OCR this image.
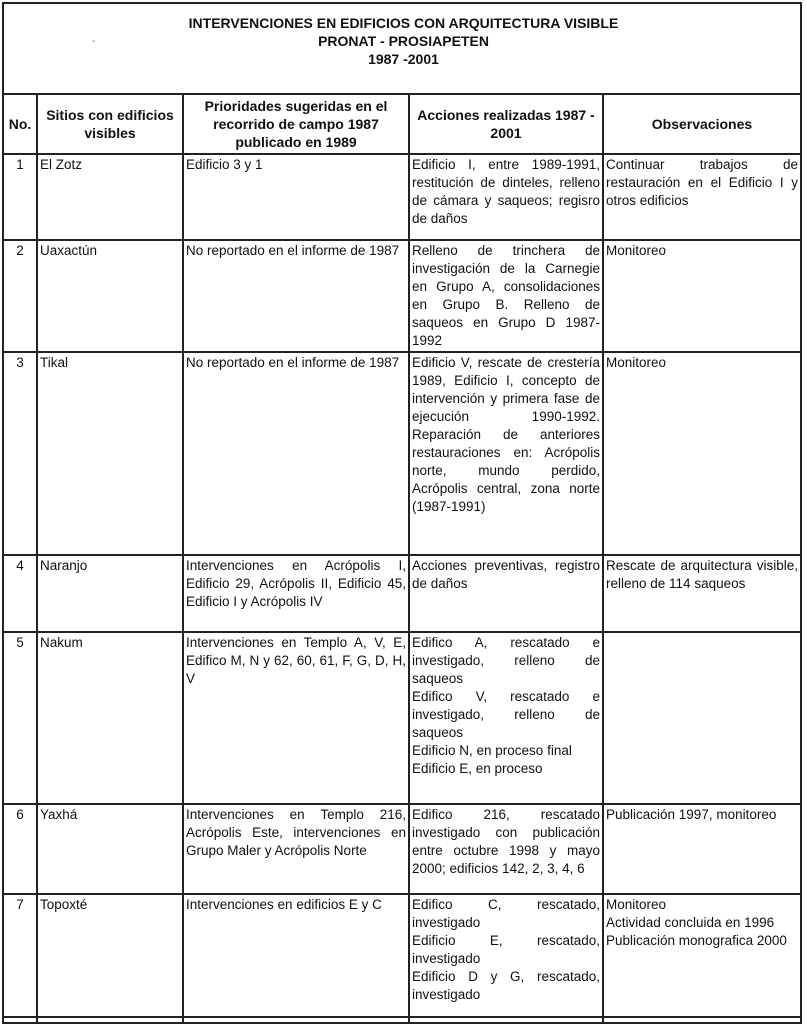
INTERVENCIONES EN EDIFICIOS CON ARQUITECTURA VISIBLE
PRONAT - PROSIAPETEN
1987 -2001
`
No.	Sitios con edificios visibles	Prioridades sugeridas en el recorrido de campo 1987 publicado en 1989	Acciones realizadas 1987 - 2001	Observaciones
1	El Zotz	Edificio 3 y 1	Edificio I, entre 1989-1991, restitución de dinteles, relleno de cámara y saqueos; regisro de daños	Continuar trabajos de restauración en el Edificio I y otros edificios

2	Uaxactún	No reportado en el informe de 1987	Relleno de trinchera de investigación de la Carnegie en Grupo A, consolidaciones en Grupo B. Relleno de saqueos en Grupo D 1987-1992	Monitoreo

3	Tikal	No reportado en el informe de 1987	Edificio V, rescate de crestería 1989, Edificio I, concepto de intervención y primera fase de ejecución 1990-1992. Reparación de anteriores restauraciones en: Acrópolis norte, mundo perdido, Acrópolis central, zona norte (1987-1991)	Monitoreo

4	Naranjo	Intervenciones en Acrópolis I, Edificio 29, Acrópolis II, Edificio 45, Edificio I y Acrópolis IV	Acciones preventivas, registro de daños	Rescate de arquitectura visible, relleno de 114 saqueos

5	Nakum	Intervenciones en Templo A, V, E, Edifico M, N y 62, 60, 61, F, G, D, H, V	Edifico A, rescatado e investigado, relleno de saqueos
Edifico V, rescatado e investigado, relleno de saqueos
Edificio N, en proceso final
Edificio E, en proceso	

6	Yaxhá	Intervenciones en Templo 216, Acrópolis Este, intervenciones en Grupo Maler y Acrópolis Norte	Edifico 216, rescatado investigado con publicación entre octubre 1998 y mayo 2000; edificios 142, 2, 3, 4, 6	Publicación 1997, monitoreo

7	Topoxté	Intervenciones en edificios E y C	Edifico C, rescatado, investigado
Edificio E, rescatado, investigado
Edificio D y G, rescatado, investigado	Monitoreo
Actividad concluida en 1996
Publicación monografica 2000
